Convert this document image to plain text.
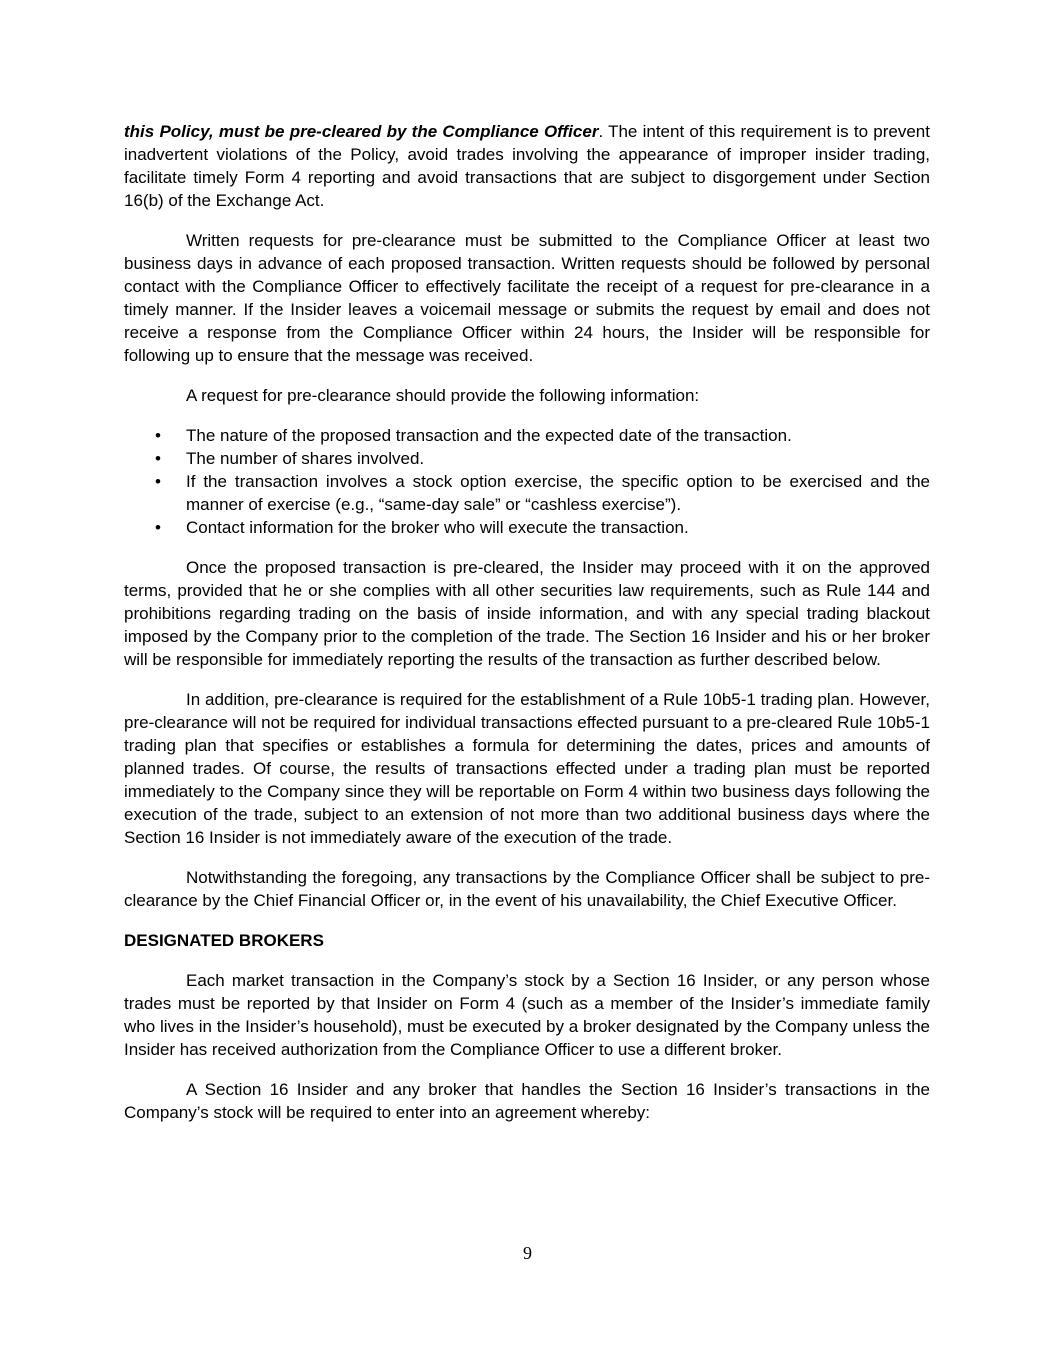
this Policy, must be pre-cleared by the Compliance Officer. The intent of this requirement is to prevent inadvertent violations of the Policy, avoid trades involving the appearance of improper insider trading, facilitate timely Form 4 reporting and avoid transactions that are subject to disgorgement under Section 16(b) of the Exchange Act.

Written requests for pre-clearance must be submitted to the Compliance Officer at least two business days in advance of each proposed transaction. Written requests should be followed by personal contact with the Compliance Officer to effectively facilitate the receipt of a request for pre-clearance in a timely manner. If the Insider leaves a voicemail message or submits the request by email and does not receive a response from the Compliance Officer within 24 hours, the Insider will be responsible for following up to ensure that the message was received.

A request for pre-clearance should provide the following information:

• The nature of the proposed transaction and the expected date of the transaction.
• The number of shares involved.
• If the transaction involves a stock option exercise, the specific option to be exercised and the manner of exercise (e.g., “same-day sale” or “cashless exercise”).
• Contact information for the broker who will execute the transaction.

Once the proposed transaction is pre-cleared, the Insider may proceed with it on the approved terms, provided that he or she complies with all other securities law requirements, such as Rule 144 and prohibitions regarding trading on the basis of inside information, and with any special trading blackout imposed by the Company prior to the completion of the trade. The Section 16 Insider and his or her broker will be responsible for immediately reporting the results of the transaction as further described below.

In addition, pre-clearance is required for the establishment of a Rule 10b5-1 trading plan. However, pre-clearance will not be required for individual transactions effected pursuant to a pre-cleared Rule 10b5-1 trading plan that specifies or establishes a formula for determining the dates, prices and amounts of planned trades. Of course, the results of transactions effected under a trading plan must be reported immediately to the Company since they will be reportable on Form 4 within two business days following the execution of the trade, subject to an extension of not more than two additional business days where the Section 16 Insider is not immediately aware of the execution of the trade.

Notwithstanding the foregoing, any transactions by the Compliance Officer shall be subject to pre-clearance by the Chief Financial Officer or, in the event of his unavailability, the Chief Executive Officer.

DESIGNATED BROKERS

Each market transaction in the Company’s stock by a Section 16 Insider, or any person whose trades must be reported by that Insider on Form 4 (such as a member of the Insider’s immediate family who lives in the Insider’s household), must be executed by a broker designated by the Company unless the Insider has received authorization from the Compliance Officer to use a different broker.

A Section 16 Insider and any broker that handles the Section 16 Insider’s transactions in the Company’s stock will be required to enter into an agreement whereby:

9
